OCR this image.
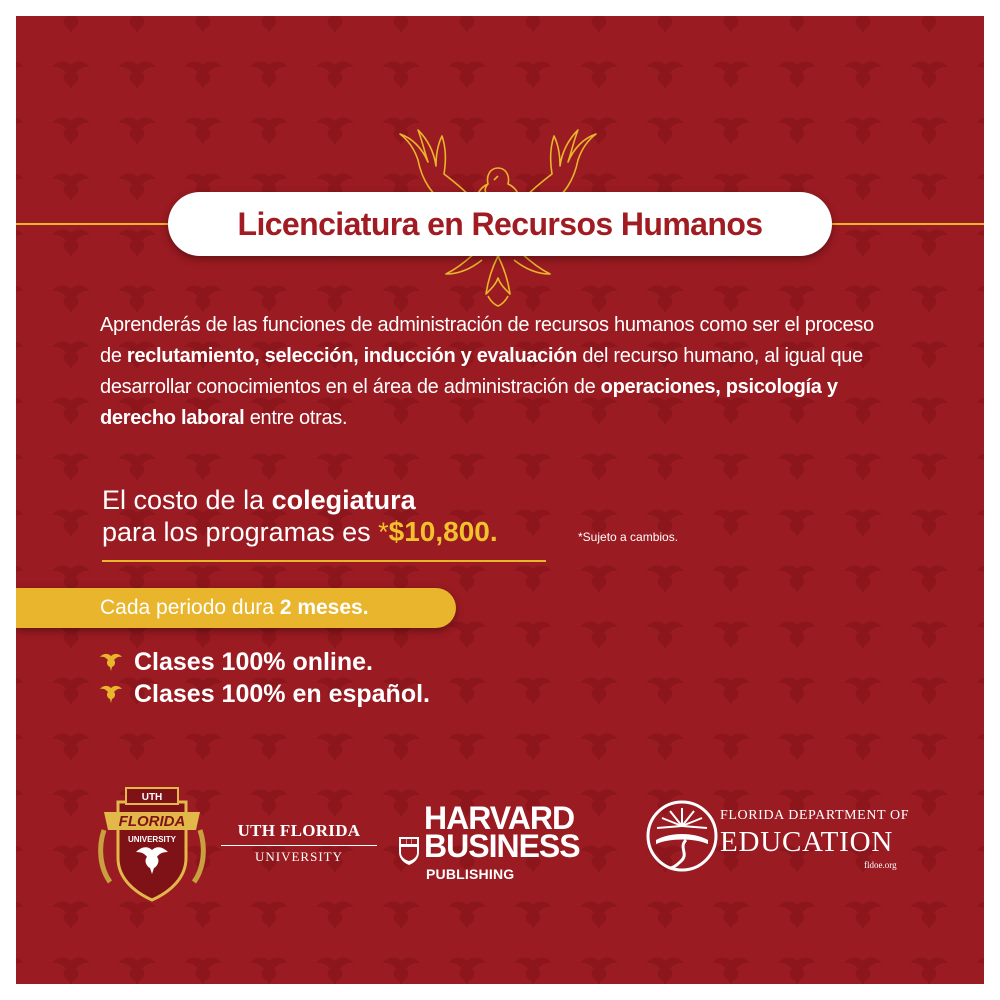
Licenciatura en Recursos Humanos
Aprenderás de las funciones de administración de recursos humanos como ser el proceso de reclutamiento, selección, inducción y evaluación del recurso humano, al igual que desarrollar conocimientos en el área de administración de operaciones, psicología y derecho laboral entre otras.
El costo de la colegiatura
para los programas es *$10,800.	*Sujeto a cambios.
Cada periodo dura
2 meses.
Clases 100% online.
Clases 100% en español.
UTH
FLORIDA
UNIVERSITY	UTH FLORIDA
UNIVERSITY
HARVARD
BUSINESS
PUBLISHING
FLORIDA DEPARTMENT OF
EDUCATION
fldoe.org
